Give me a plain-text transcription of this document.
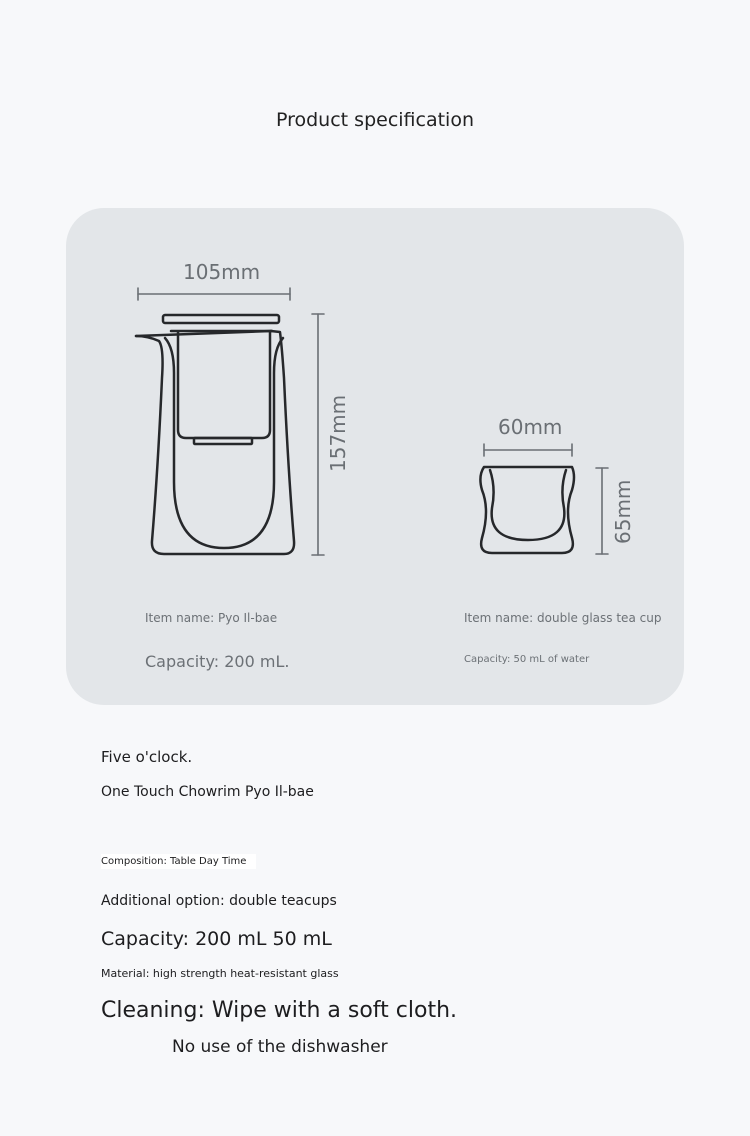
Product specification
105mm
157mm	60mm
65mm
Item name: Pyo Il-bae
Capacity: 200 mL.
Item name: double glass tea cup
Capacity: 50 mL of water
Five o'clock.
One Touch Chowrim Pyo Il-bae
Composition: Table Day Time
Additional option: double teacups
Capacity: 200 mL 50 mL
Material: high strength heat-resistant glass
Cleaning: Wipe with a soft cloth.
No use of the dishwasher
